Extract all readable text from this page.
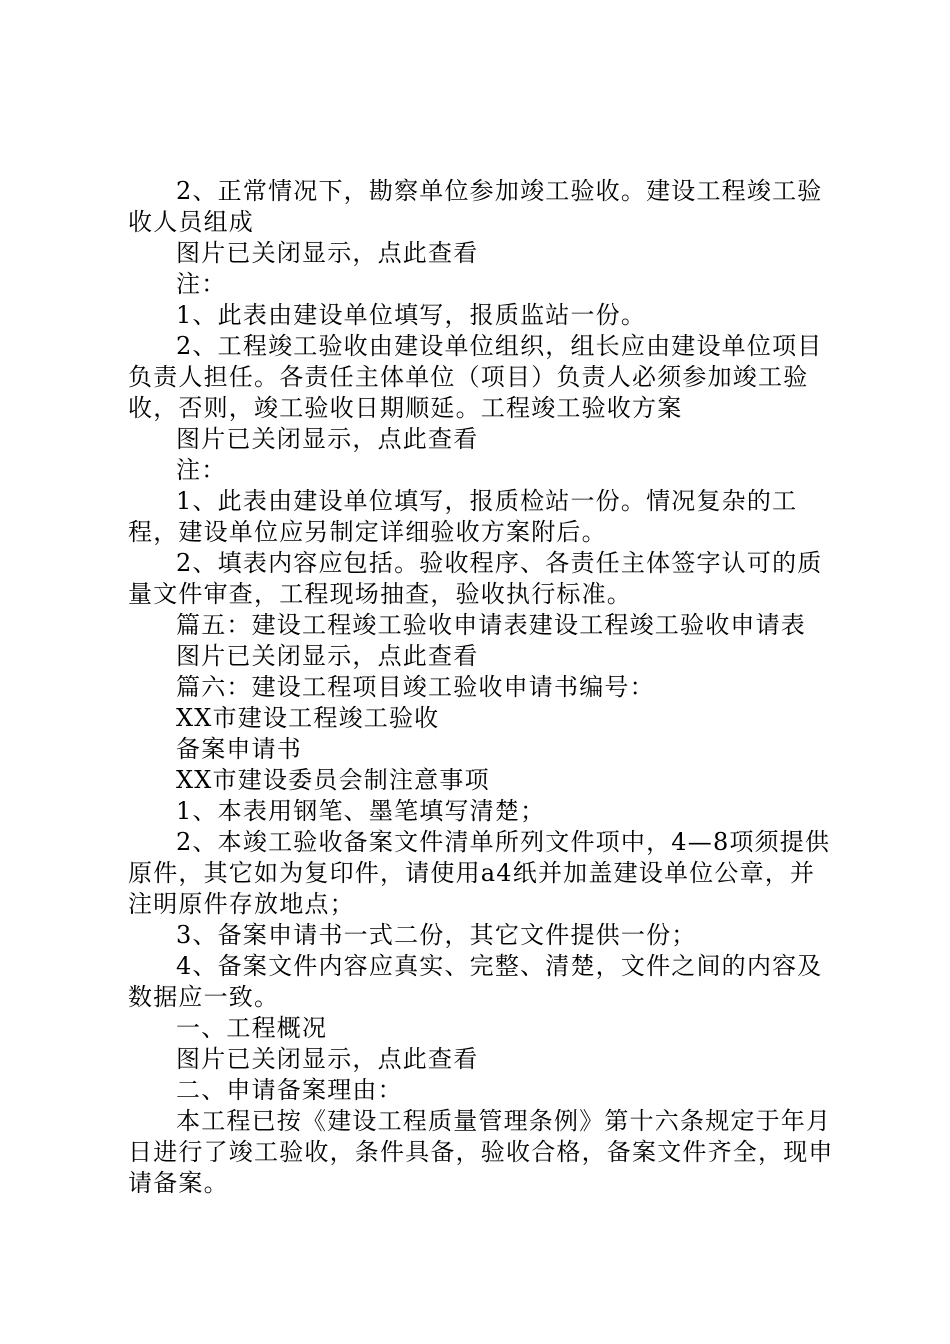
2、正常情况下，勘察单位参加竣工验收。建设工程竣工验收人员组成

图片已关闭显示，点此查看

注：

1、此表由建设单位填写，报质监站一份。

2、工程竣工验收由建设单位组织，组长应由建设单位项目负责人担任。各责任主体单位（项目）负责人必须参加竣工验收，否则，竣工验收日期顺延。工程竣工验收方案

图片已关闭显示，点此查看

注：

1、此表由建设单位填写，报质检站一份。情况复杂的工程，建设单位应另制定详细验收方案附后。

2、填表内容应包括。验收程序、各责任主体签字认可的质量文件审查，工程现场抽查，验收执行标准。

篇五：建设工程竣工验收申请表建设工程竣工验收申请表

图片已关闭显示，点此查看

篇六：建设工程项目竣工验收申请书编号：

XX市建设工程竣工验收

备案申请书

XX市建设委员会制注意事项

1、本表用钢笔、墨笔填写清楚；

2、本竣工验收备案文件清单所列文件项中，4—8项须提供原件，其它如为复印件，请使用a4纸并加盖建设单位公章，并注明原件存放地点；

3、备案申请书一式二份，其它文件提供一份；

4、备案文件内容应真实、完整、清楚，文件之间的内容及数据应一致。

一、工程概况

图片已关闭显示，点此查看

二、申请备案理由：

本工程已按《建设工程质量管理条例》第十六条规定于年月日进行了竣工验收，条件具备，验收合格，备案文件齐全，现申请备案。
